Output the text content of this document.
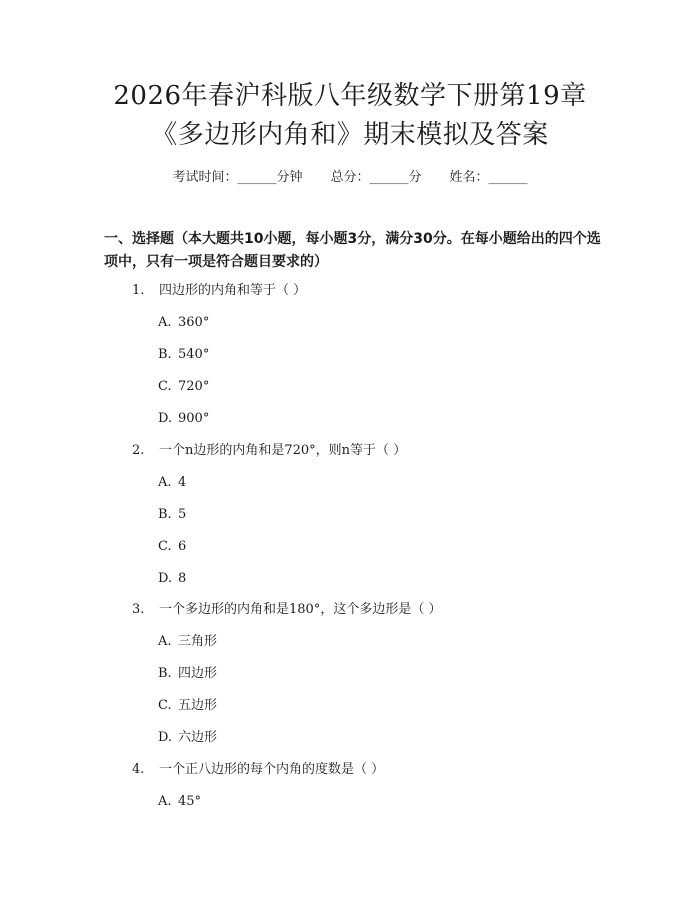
2026年春沪科版八年级数学下册第19章
《多边形内角和》期末模拟及答案
考试时间：______分钟 总分：______分 姓名：______
一、选择题（本大题共10小题，每小题3分，满分30分。在每小题给出的四个选项中，只有一项是符合题目要求的）
1. 四边形的内角和等于（ ）
A. 360°
B. 540°
C. 720°
D. 900°
2. 一个n边形的内角和是720°，则n等于（ ）
A. 4
B. 5
C. 6
D. 8
3. 一个多边形的内角和是180°，这个多边形是（ ）
A. 三角形
B. 四边形
C. 五边形
D. 六边形
4. 一个正八边形的每个内角的度数是（ ）
A. 45°
